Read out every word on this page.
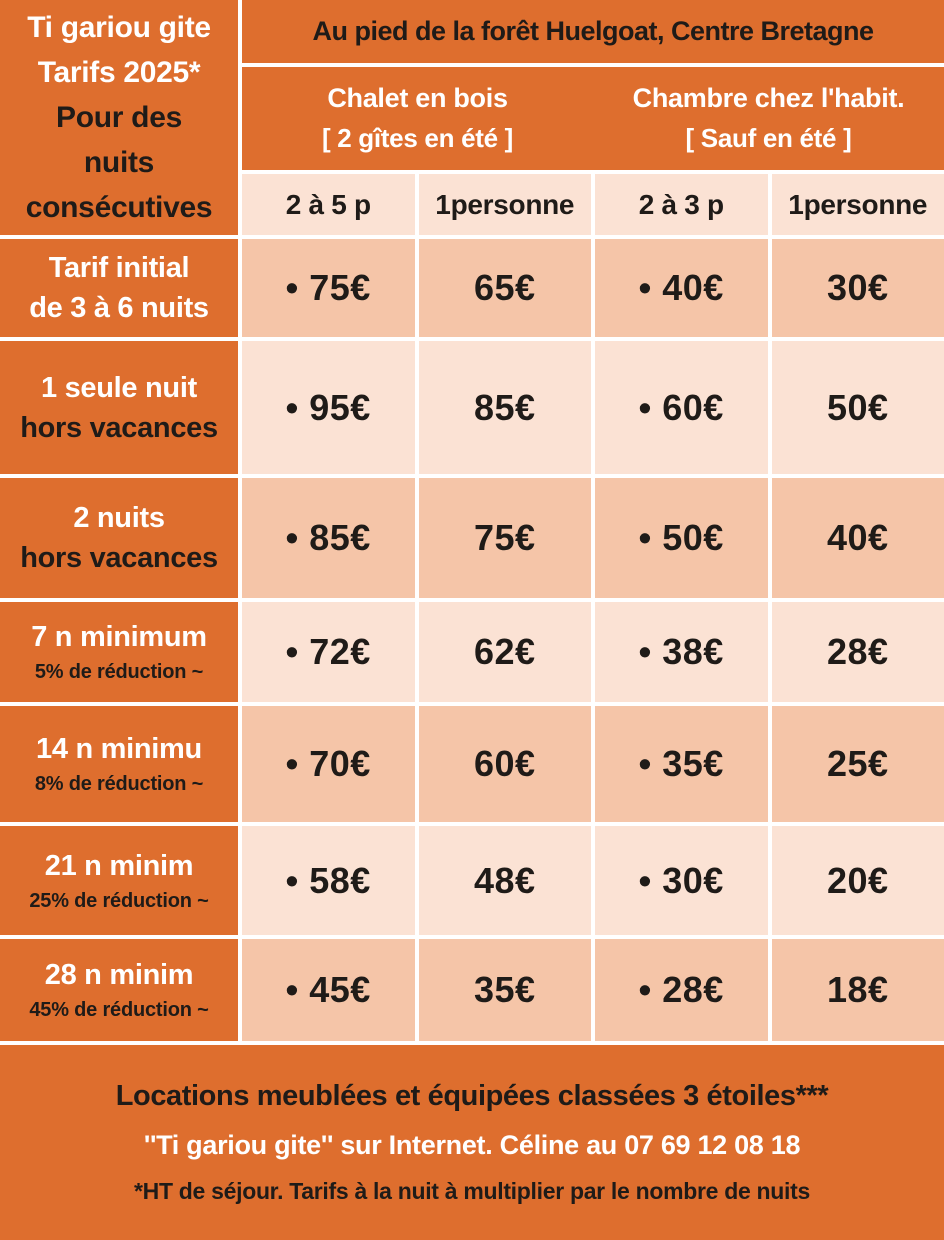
Ti gariou gite
Tarifs 2025*
Pour des
nuits
consécutives
Au pied de la forêt Huelgoat, Centre Bretagne
Chalet en bois
[ 2 gîtes en été ]
Chambre chez l'habit.
[ Sauf en été ]
2 à 5 p	1personne	2 à 3 p	1personne
Tarif initial
de 3 à 6 nuits	• 75€	65€	• 40€	30€
1 seule nuit
hors vacances	• 95€	85€	• 60€	50€
2 nuits
hors vacances	• 85€	75€	• 50€	40€
7 n minimum
5% de réduction ~	• 72€	62€	• 38€	28€
14 n minimu
8% de réduction ~	• 70€	60€	• 35€	25€
21 n minim
25% de réduction ~	• 58€	48€	• 30€	20€
28 n minim
45% de réduction ~	• 45€	35€	• 28€	18€
Locations meublées et équipées classées 3 étoiles***
''Ti gariou gite'' sur Internet. Céline au 07 69 12 08 18
*HT de séjour. Tarifs à la nuit à multiplier par le nombre de nuits
